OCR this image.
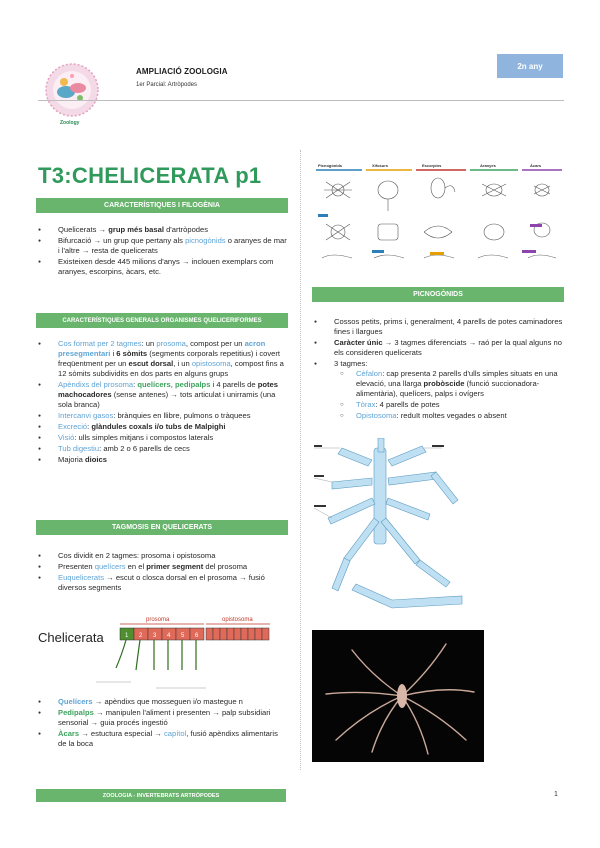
Zoology
AMPLIACIÓ ZOOLOGIA
1er Parcial: Artròpodes
2n any
T3:CHELICERATA p1
CARACTERÍSTIQUES I FILOGÈNIA
● Quelicerats → grup més basal d'artròpodes
● Bifurcació → un grup que pertany als picnogònids o aranyes de mar i l'altre → resta de quelicerats
● Existeixen desde 445 milions d'anys → inclouen exemplars com aranyes, escorpins, àcars, etc.
CARACTERÍSTIQUES GENERALS ORGANISMES QUELICERIFORMES
● Cos format per 2 tagmes: un prosoma, compost per un acron presegmentari i 6 sòmits (segments corporals repetitius) i covert freqüentment per un escut dorsal, i un opistosoma, compost fins a 12 sòmits subdividits en dos parts en alguns grups
● Apèndixs del prosoma: quelícers, pedipalps i 4 parells de potes machocadores (sense antenes) → tots articulat i unirramis (una sola branca)
● Intercanvi gasos: brànquies en llibre, pulmons o tràquees
● Excreció: glàndules coxals i/o tubs de Malpighi
● Visió: ulls simples mitjans i compostos laterals
● Tub digestiu: amb 2 o 6 parells de cecs
● Majoria dioics
TAGMOSIS EN QUELICERATS
● Cos dividit en 2 tagmes: prosoma i opistosoma
● Presenten quelícers en el primer segment del prosoma
● Euquelicerats → escut o closca dorsal en el prosoma → fusió diversos segments
Chelicerata
prosoma	opistosoma
1 2 3 4 5 6
● Quelícers → apèndixs que mosseguen i/o mastegue n
● Pedipalps → manipulen l'aliment i presenten → palp subsidiari sensorial → guia procés ingestió
● Àcars → estuctura especial → capítol, fusió apèndixs alimentaris de la boca
Picnogònids	Xifosurs	Escorpins	Aranyes	Àcars
PICNOGÒNIDS
● Cossos petits, prims i, generalment, 4 parells de potes caminadores fines i llargues
● Caràcter únic → 3 tagmes diferenciats → raó per la qual alguns no els consideren quelicerats
● 3 tagmes:
○ Cèfalon: cap presenta 2 parells d'ulls simples situats en una elevació, una llarga probòscide (funció succionadora-alimentària), quelícers, palps i ovígers
○ Tòrax: 4 parells de potes
○ Opistosoma: reduït moltes vegades o absent
ZOOLOGIA - INVERTEBRATS ARTRÒPODES	1
